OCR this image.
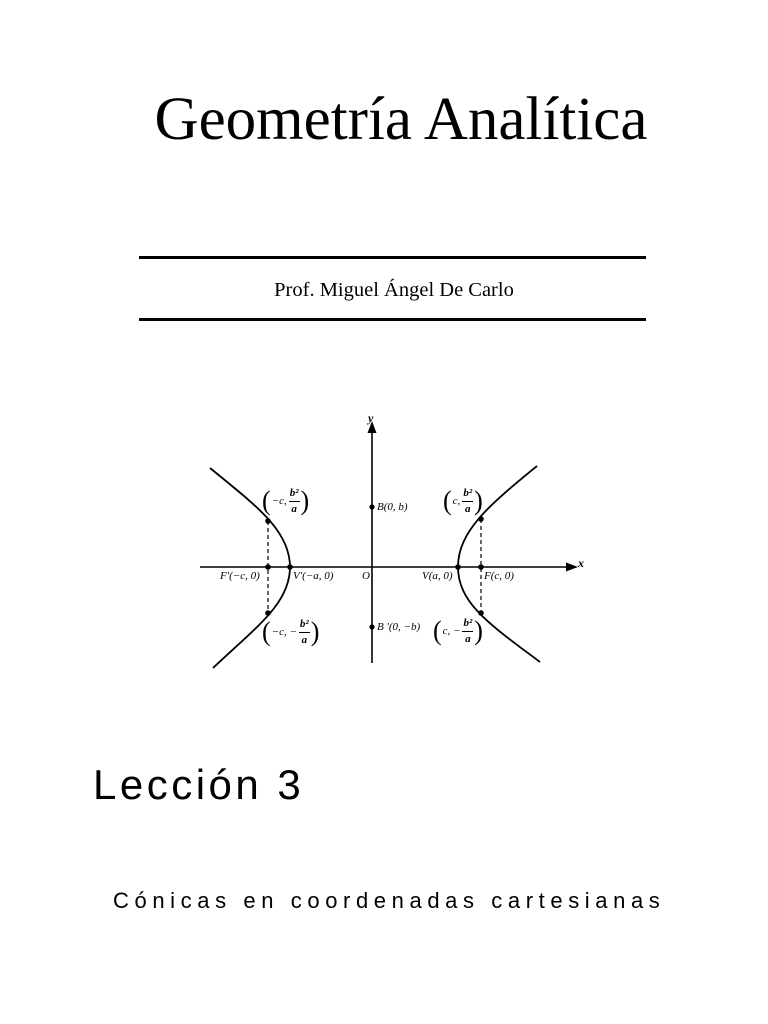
Geometría Analítica
Prof. Miguel Ángel De Carlo
x
y
O
F′(−c, 0)	V′(−a, 0)	V(a, 0)	F(c, 0)
B(0, b)
B ′(0, −b)
( −c, $\frac{\text{b²}}{a}$ )
( −c, − $\frac{\text{b²}}{a}$ )
( c, $\frac{\text{b²}}{a}$ )
( c, − $\frac{\text{b²}}{a}$ )
Lección 3
Cónicas en coordenadas cartesianas
